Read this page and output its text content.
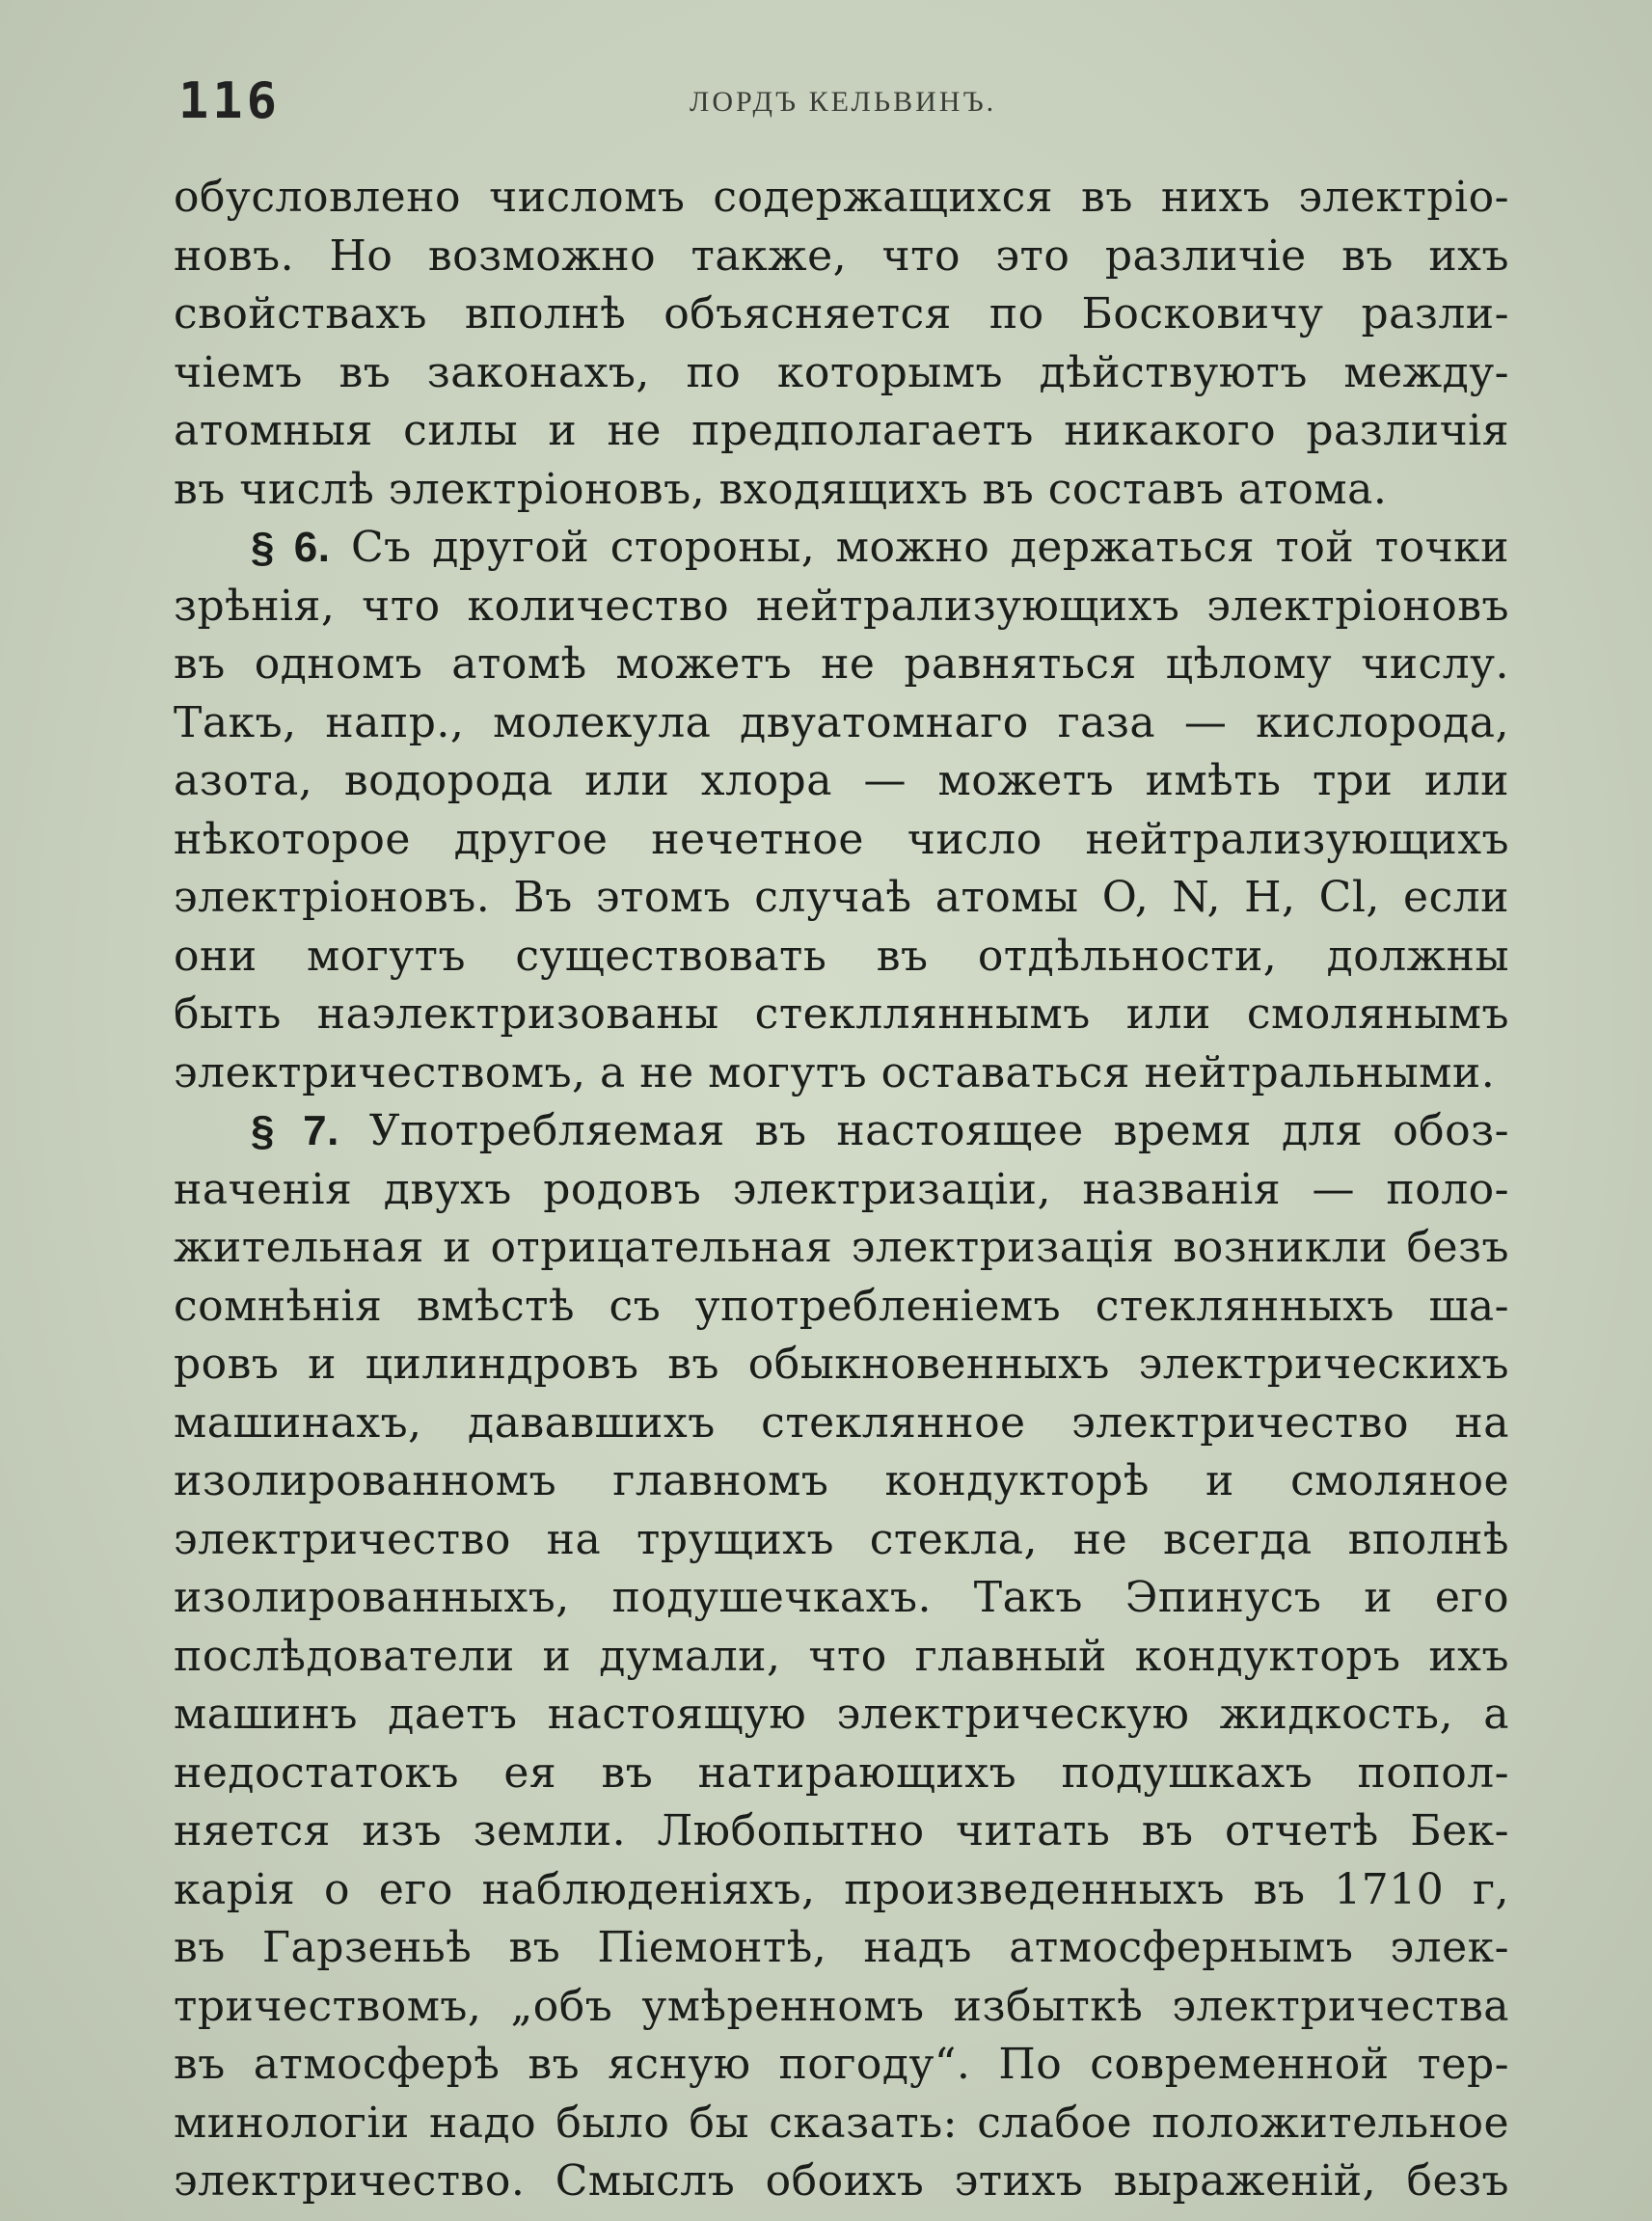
116	ЛОРДЪ КЕЛЬВИНЪ.
обусловлено числомъ содержащихся въ нихъ электріо-
новъ. Но возможно также, что это различіе въ ихъ
свойствахъ вполнѣ объясняется по Босковичу разли-
чіемъ въ законахъ, по которымъ дѣйствуютъ между-
атомныя силы и не предполагаетъ никакого различія
въ числѣ электріоновъ, входящихъ въ составъ атома.
§ 6. Съ другой стороны, можно держаться той точки
зрѣнія, что количество нейтрализующихъ электріоновъ
въ одномъ атомѣ можетъ не равняться цѣлому числу.
Такъ, напр., молекула двуатомнаго газа — кислорода,
азота, водорода или хлора — можетъ имѣть три или
нѣкоторое другое нечетное число нейтрализующихъ
электріоновъ. Въ этомъ случаѣ атомы O, N, H, Cl, если
они могутъ существовать въ отдѣльности, должны
быть наэлектризованы стеклляннымъ или смолянымъ
электричествомъ, а не могутъ оставаться нейтральными.
§ 7. Употребляемая въ настоящее время для обоз-
наченія двухъ родовъ электризаціи, названія — поло-
жительная и отрицательная электризація возникли безъ
сомнѣнія вмѣстѣ съ употребленіемъ стеклянныхъ ша-
ровъ и цилиндровъ въ обыкновенныхъ электрическихъ
машинахъ, дававшихъ стеклянное электричество на
изолированномъ главномъ кондукторѣ и смоляное
электричество на трущихъ стекла, не всегда вполнѣ
изолированныхъ, подушечкахъ. Такъ Эпинусъ и его
послѣдователи и думали, что главный кондукторъ ихъ
машинъ даетъ настоящую электрическую жидкость, а
недостатокъ ея въ натирающихъ подушкахъ попол-
няется изъ земли. Любопытно читать въ отчетѣ Бек-
карія о его наблюденіяхъ, произведенныхъ въ 1710 г,
въ Гарзеньѣ въ Піемонтѣ, надъ атмосфернымъ элек-
тричествомъ, „объ умѣренномъ избыткѣ электричества
въ атмосферѣ въ ясную погоду“. По современной тер-
минологіи надо было бы сказать: слабое положительное
электричество. Смыслъ обоихъ этихъ выраженій, безъ
